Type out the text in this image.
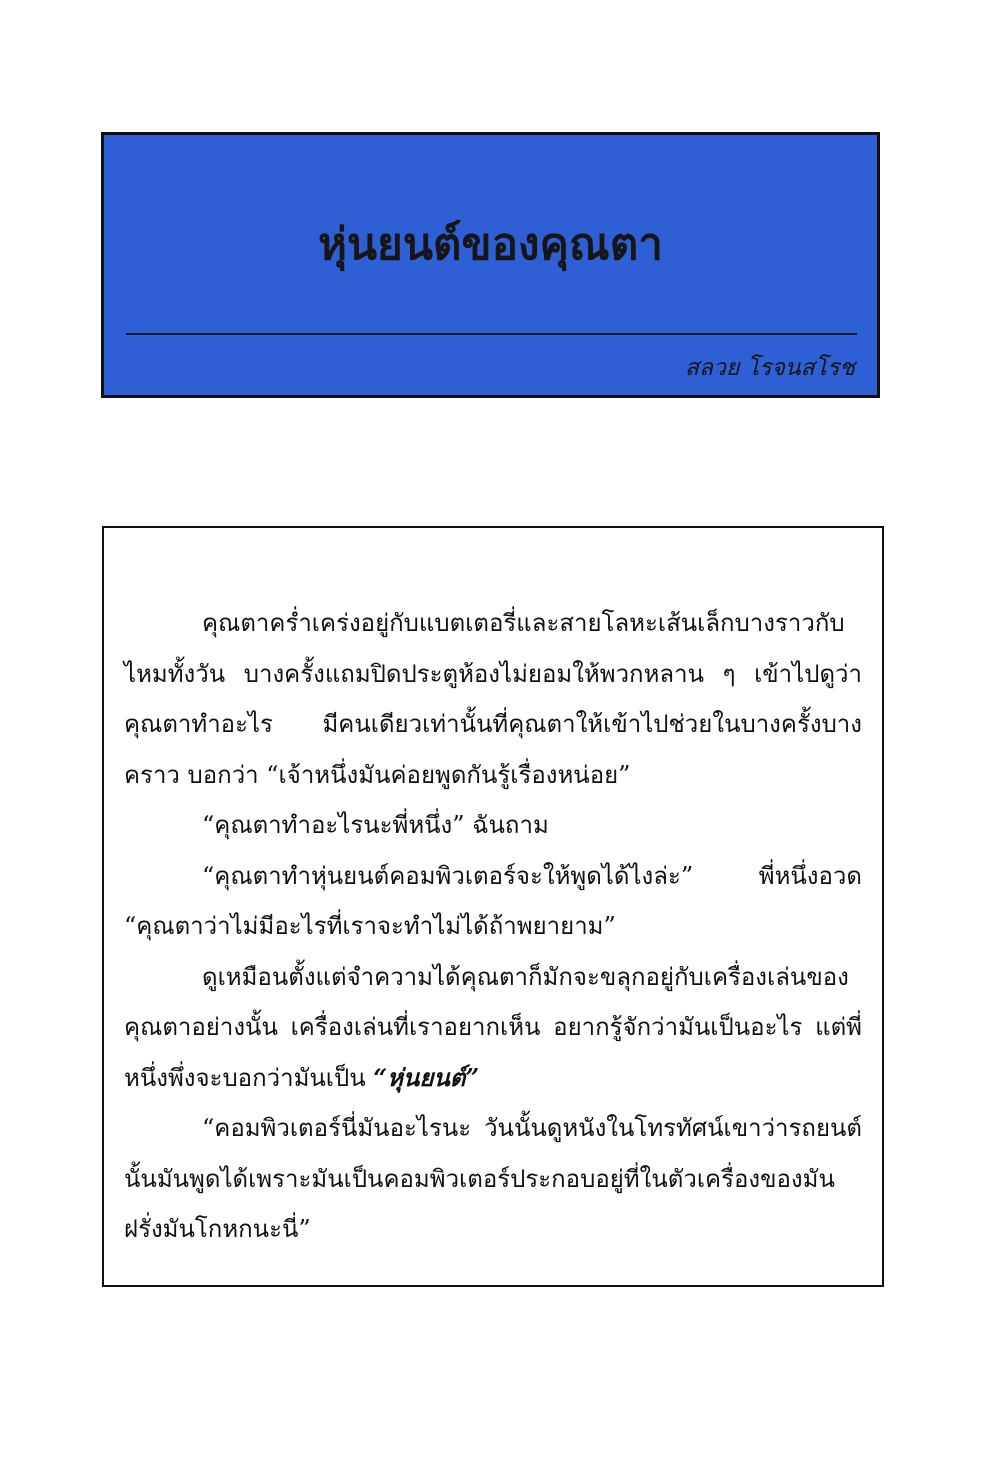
หุ่นยนต์ของคุณตา
สลวย โรจนสโรช

คุณตาคร่ำเคร่งอยู่กับแบตเตอรี่และสายโลหะเส้นเล็กบางราวกับไหมทั้งวัน บางครั้งแถมปิดประตูห้องไม่ยอมให้พวกหลาน ๆ เข้าไปดูว่าคุณตาทำอะไร มีคนเดียวเท่านั้นที่คุณตาให้เข้าไปช่วยในบางครั้งบางคราว บอกว่า “เจ้าหนึ่งมันค่อยพูดกันรู้เรื่องหน่อย”

“คุณตาทำอะไรนะพี่หนึ่ง” ฉันถาม

“คุณตาทำหุ่นยนต์คอมพิวเตอร์จะให้พูดได้ไงล่ะ” พี่หนึ่งอวด “คุณตาว่าไม่มีอะไรที่เราจะทำไม่ได้ถ้าพยายาม”

ดูเหมือนตั้งแต่จำความได้คุณตาก็มักจะขลุกอยู่กับเครื่องเล่นของคุณตาอย่างนั้น เครื่องเล่นที่เราอยากเห็น อยากรู้จักว่ามันเป็นอะไร แต่พี่หนึ่งพึ่งจะบอกว่ามันเป็น “หุ่นยนต์”

“คอมพิวเตอร์นี่มันอะไรนะ วันนั้นดูหนังในโทรทัศน์เขาว่ารถยนต์นั้นมันพูดได้เพราะมันเป็นคอมพิวเตอร์ประกอบอยู่ที่ในตัวเครื่องของมัน ฝรั่งมันโกหกนะนี่”
